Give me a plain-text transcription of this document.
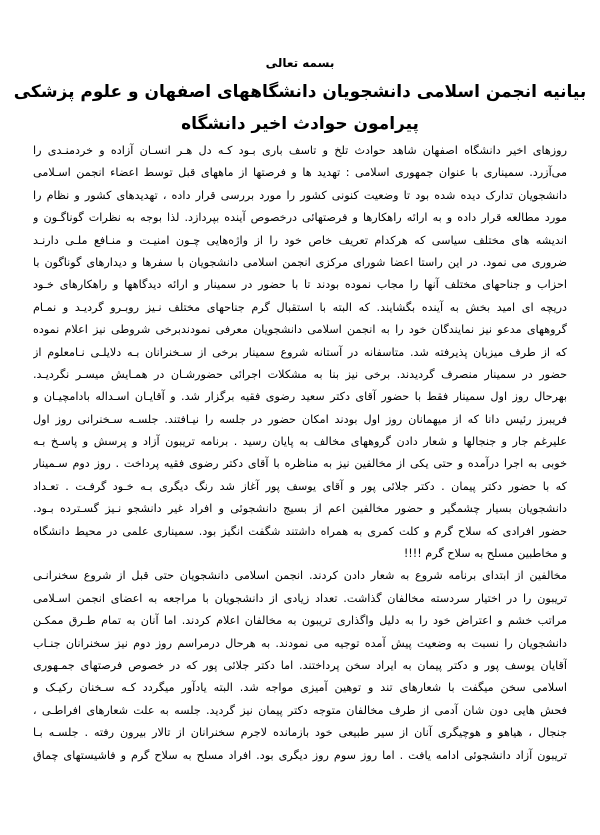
بسمه تعالی
بیانیه انجمن اسلامی دانشجویان دانشگاههای اصفهان و علوم پزشکی
پیرامون حوادث اخیر دانشگاه
روزهای اخیر دانشگاه اصفهان شاهد حوادث تلخ و تاسف باری بـود کـه دل هـر انسـان آزاده و خردمنـدی را
می‌آزرد. سمیناری با عنوان جمهوری اسلامی : تهدید ها و فرصتها از ماههای قبل توسط اعضاء انجمن اسـلامی
دانشجویان تدارک دیده شده بود تا وضعیت کنونی کشور را مورد بررسی قرار داده ، تهدیدهای کشور و نظام را
مورد مطالعه قرار داده و به ارائه راهکارها و فرصتهائی درخصوص آینده بپردازد. لذا بوجه به نظرات گوناگـون و
اندیشه های مختلف سیاسی که هرکدام تعریف خاص خود را از واژه‌هایی چـون امنیـت و منـافع ملـی دارنـد
ضروری می نمود. در این راستا اعضا شورای مرکزی انجمن اسلامی دانشجویان با سفرها و دیدارهای گوناگون با
احزاب و جناحهای مختلف آنها را مجاب نموده بودند تا با حضور در سمینار و ارائه دیدگاهها و راهکارهای خـود
دریچه ای امید بخش به آینده بگشایند. که البته با استقبال گرم جناحهای مختلف نـیز روبـرو گردیـد و نمـام
گروههای مدعو نیز نمایندگان خود را به انجمن اسلامی دانشجویان معرفی نمودندبرخی شروطی نیز اعلام نموده
که از طرف میزبان پذیرفته شد. متاسفانه در آستانه شروع سمینار برخی از سـخنرانان بـه دلایلـی نـامعلوم از
حضور در سمینار منصرف گردیدند. برخی نیز بنا به مشکلات اجرائی حضورشـان در همـایش میسـر نگردیـد.
بهرحال روز اول سمینار فقط با حضور آقای دکتر سعید رضوی فقیه برگزار شد. و آقایـان اسـداله بادامچیـان و
فریبرز رئیس دانا که از میهمانان روز اول بودند امکان حضور در جلسه را نیـافتند. جلسـه سـخنرانی روز اول
علیرغم جار و جنجالها و شعار دادن گروههای مخالف به پایان رسید . برنامه تریبون آزاد و پرسش و پاسـخ بـه
خوبی به اجرا درآمده و حتی یکی از مخالفین نیز به مناظره با آقای دکتر رضوی فقیه پرداخت . روز دوم سـمینار
که با حضور دکتر پیمان . دکتر جلائی پور و آقای یوسف پور آغاز شد رنگ دیگری بـه خـود گرفـت . تعـداد
دانشجویان بسیار چشمگیر و حضور مخالفین اعم از بسیج دانشجوئی و افراد غیر دانشجو نـیز گسـترده بـود.
حضور افرادی که سلاح گرم و کلت کمری به همراه داشتند شگفت انگیز بود. سمیناری علمی در محیط دانشگاه
و مخاطبین مسلح به سلاح گرم !!!!
مخالفین از ابتدای برنامه شروع به شعار دادن کردند. انجمن اسلامی دانشجویان حتی قبل از شروع سخنرانـی
تریبون را در اختیار سردسته مخالفان گذاشت. تعداد زیادی از دانشجویان با مراجعه به اعضای انجمن اسـلامی
مراتب خشم و اعتراض خود را به دلیل واگذاری تریبون به مخالفان اعلام کردند. اما آنان به تمام طـرق ممکـن
دانشجویان را نسبت به وضعیت پیش آمده توجیه می نمودند. به هرحال درمراسم روز دوم نیز سخنرانان جنـاب
آقایان یوسف پور و دکتر پیمان به ایراد سخن پرداختند. اما دکتر جلائی پور که در خصوص فرصتهای جمـهوری
اسلامی سخن میگفت با شعارهای تند و توهین آمیزی مواجه شد. البته یادآور میگردد کـه سـخنان رکیـک و
فحش هایی دون شان آدمی از طرف مخالفان متوجه دکتر پیمان نیز گردید. جلسه به علت شعارهای افراطـی ،
جنجال ، هیاهو و هوچیگری آنان از سیر طبیعی خود بازمانده لاجرم سخنرانان از تالار بیرون رفته . جلسـه بـا
تریبون آزاد دانشجوئی ادامه یافت . اما روز سوم روز دیگری بود. افراد مسلح به سلاح گرم و فاشیستهای چماق
